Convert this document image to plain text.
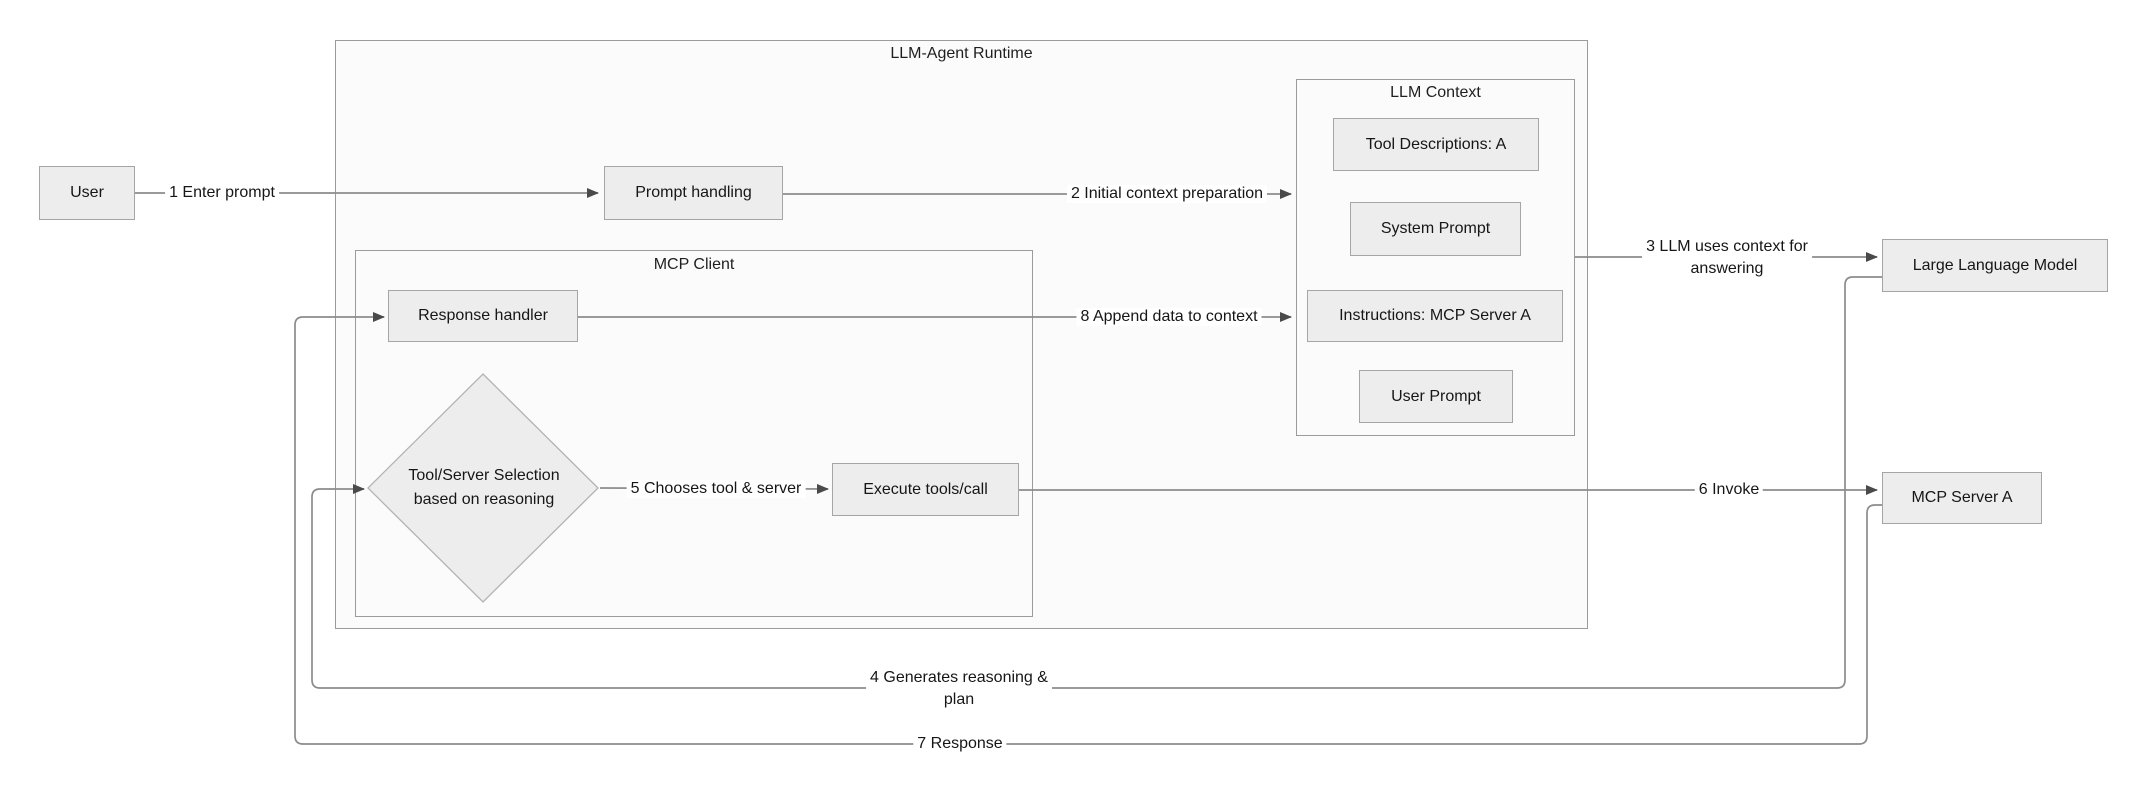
LLM-Agent Runtime
MCP Client
LLM Context
User	Prompt handling
Response handler
Tool/Server Selection
based on reasoning
Execute tools/call
Tool Descriptions: A
System Prompt
Instructions: MCP Server A
User Prompt
Large Language Model
MCP Server A
1 Enter prompt	2 Initial context preparation
3 LLM uses context for
answering
4 Generates reasoning &
plan
5 Chooses tool & server	6 Invoke
7 Response
8 Append data to context
